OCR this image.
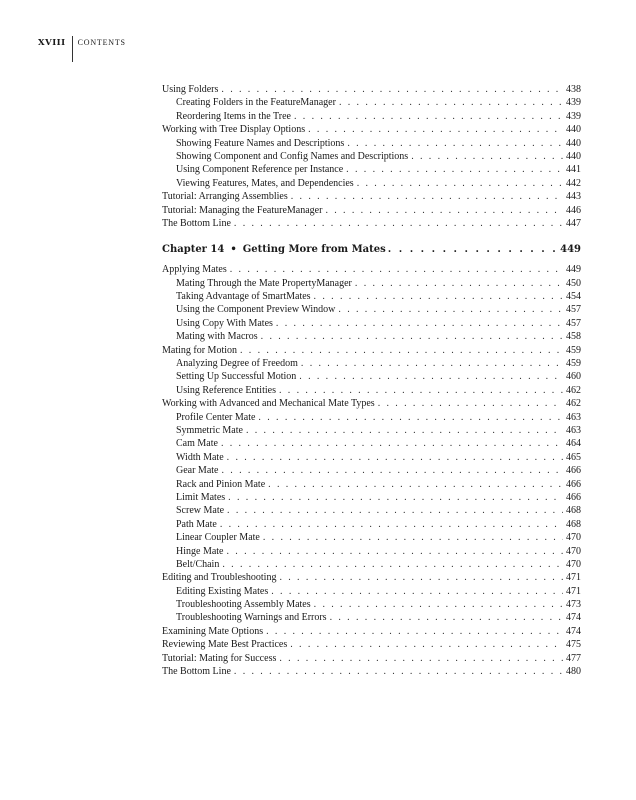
XVIII CONTENTS
Using Folders . . .	438
Creating Folders in the FeatureManager . . .	439
Reordering Items in the Tree . . .	439
Working with Tree Display Options . . .	440
Showing Feature Names and Descriptions . . .	440
Showing Component and Config Names and Descriptions . . .	440
Using Component Reference per Instance . . .	441
Viewing Features, Mates, and Dependencies . . .	442
Tutorial: Arranging Assemblies . . .	443
Tutorial: Managing the FeatureManager . . .	446
The Bottom Line . . .	447
Chapter 14 • Getting More from Mates . . .	449
Applying Mates . . .	449
Mating Through the Mate PropertyManager . . .	450
Taking Advantage of SmartMates . . .	454
Using the Component Preview Window . . .	457
Using Copy With Mates . . .	457
Mating with Macros . . .	458
Mating for Motion . . .	459
Analyzing Degree of Freedom . . .	459
Setting Up Successful Motion . . .	460
Using Reference Entities . . .	462
Working with Advanced and Mechanical Mate Types . . .	462
Profile Center Mate . . .	463
Symmetric Mate . . .	463
Cam Mate . . .	464
Width Mate . . .	465
Gear Mate . . .	466
Rack and Pinion Mate . . .	466
Limit Mates . . .	466
Screw Mate . . .	468
Path Mate . . .	468
Linear Coupler Mate . . .	470
Hinge Mate . . .	470
Belt/Chain . . .	470
Editing and Troubleshooting . . .	471
Editing Existing Mates . . .	471
Troubleshooting Assembly Mates . . .	473
Troubleshooting Warnings and Errors . . .	474
Examining Mate Options . . .	474
Reviewing Mate Best Practices . . .	475
Tutorial: Mating for Success . . .	477
The Bottom Line . . .	480
